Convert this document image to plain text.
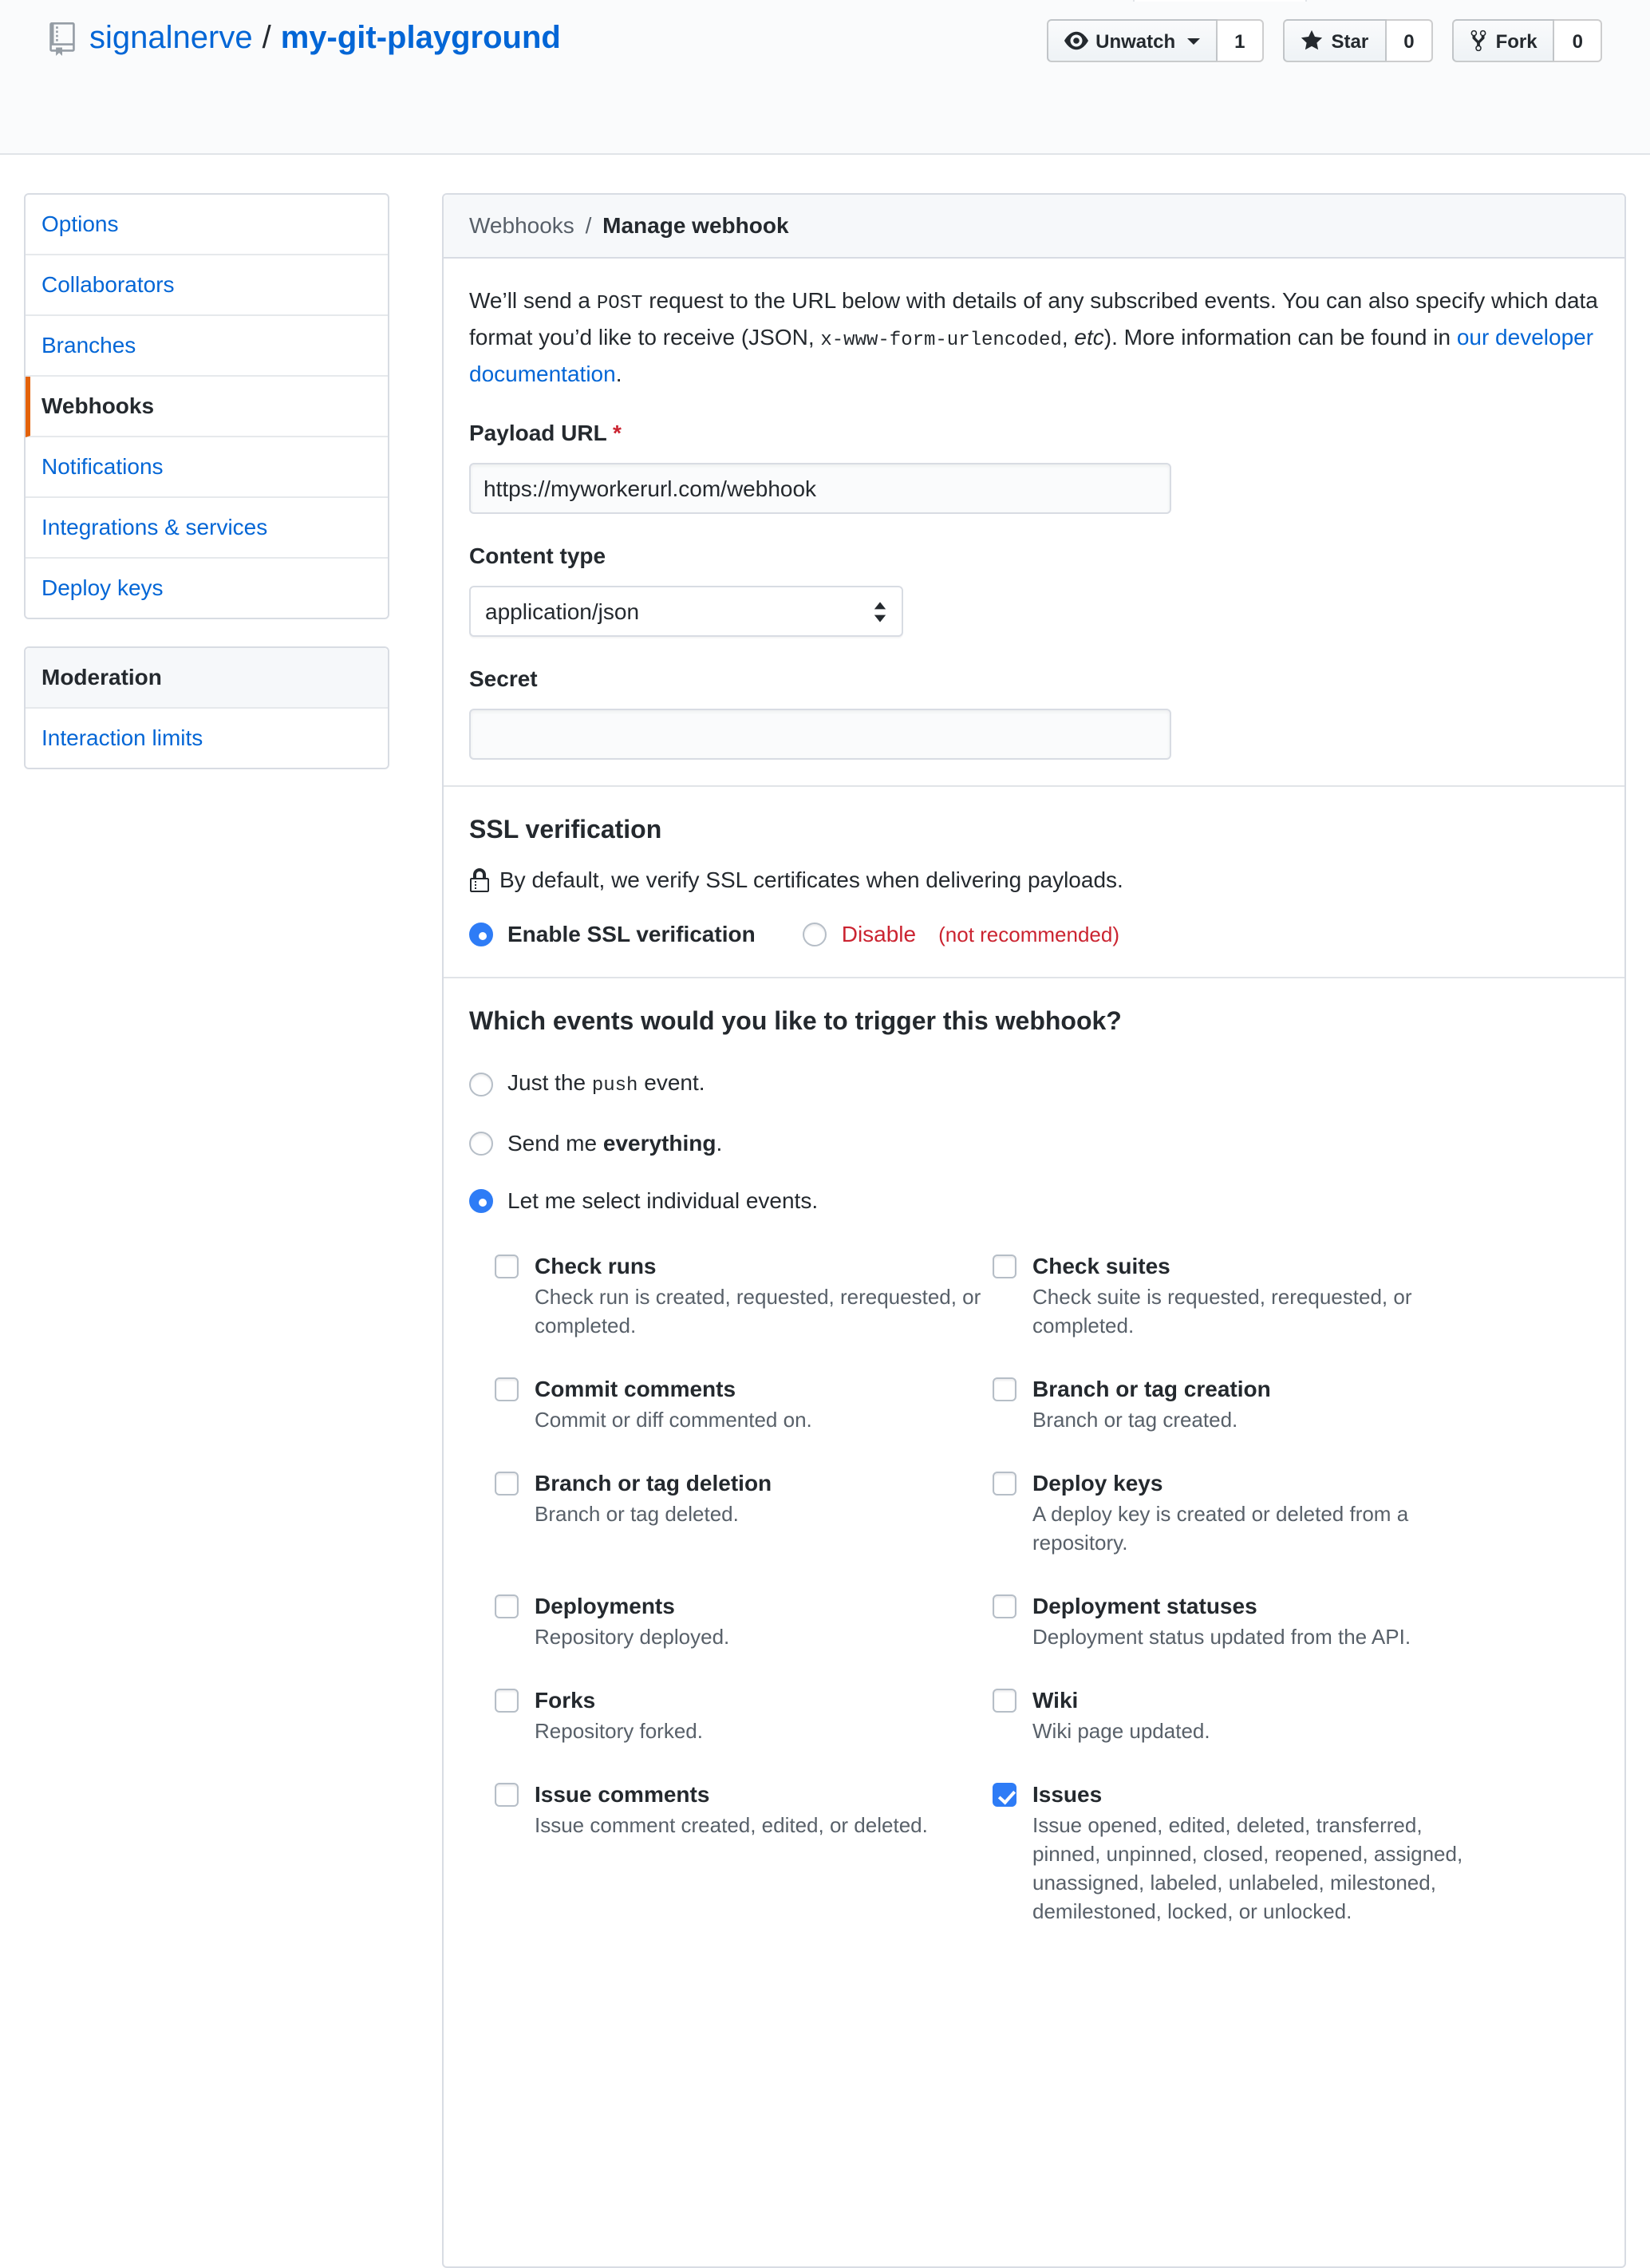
signalnerve / my-git-playground	Unwatch	1	Star	0	Fork	0
Options
Collaborators
Branches
Webhooks
Notifications
Integrations & services
Deploy keys
Moderation
Interaction limits
Webhooks / Manage webhook

We’ll send a POST request to the URL below with details of any subscribed events. You can also specify which data format you’d like to receive (JSON, x-www-form-urlencoded, etc). More information can be found in our developer documentation.

Payload URL *
https://myworkerurl.com/webhook
Content type
application/json
Secret
SSL verification
By default, we verify SSL certificates when delivering payloads.
Enable SSL verification	Disable (not recommended)
Which events would you like to trigger this webhook?
Just the push event.
Send me everything.
Let me select individual events.
Check runs
Check run is created, requested, rerequested, or completed.
Check suites
Check suite is requested, rerequested, or completed.
Commit comments
Commit or diff commented on.
Branch or tag creation
Branch or tag created.
Branch or tag deletion
Branch or tag deleted.
Deploy keys
A deploy key is created or deleted from a repository.
Deployments
Repository deployed.
Deployment statuses
Deployment status updated from the API.
Forks
Repository forked.
Wiki
Wiki page updated.
Issue comments
Issue comment created, edited, or deleted.
Issues
Issue opened, edited, deleted, transferred, pinned, unpinned, closed, reopened, assigned, unassigned, labeled, unlabeled, milestoned, demilestoned, locked, or unlocked.
